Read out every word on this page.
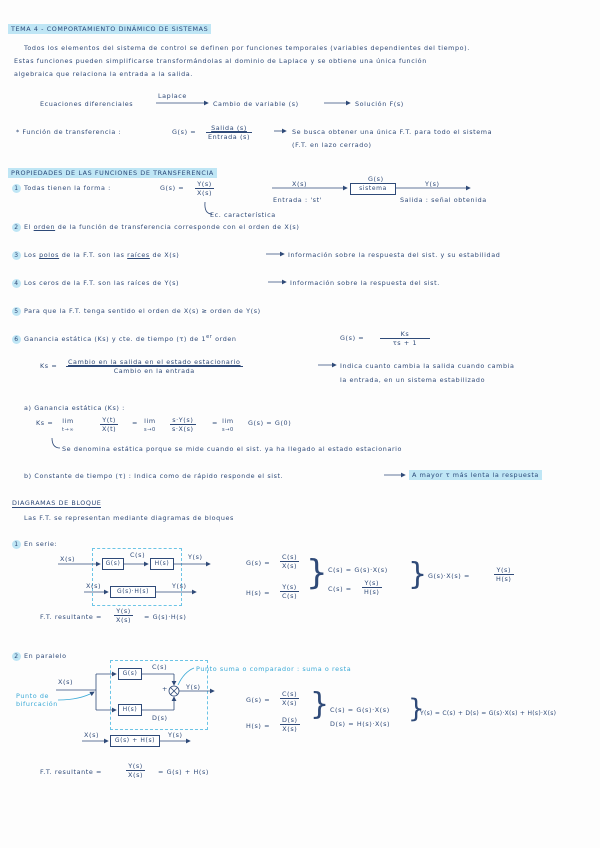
TEMA 4 - COMPORTAMIENTO DINÁMICO DE SISTEMAS
Todos los elementos del sistema de control se definen por funciones temporales (variables dependientes del tiempo).
Estas funciones pueden simplificarse transformándolas al dominio de Laplace y se obtiene una única función
algebraica que relaciona la entrada a la salida.
Ecuaciones diferenciales
Laplace
Cambio de variable (s)	Solución F(s)
* Función de transferencia :	G(s) =	Salida (s)
Entrada (s)
Se busca obtener una única F.T. para todo el sistema
(F.T. en lazo cerrado)
PROPIEDADES DE LAS FUNCIONES DE TRANSFERENCIA
1 Todas tienen la forma :	$G(s) = \frac{Y(s)}{X(s)}$
Ec. característica
X(s)
Entrada : 'st'
G(s)
sistema
Y(s)
Salida : señal obtenida
2 El orden de la función de transferencia corresponde con el orden de X(s)
3 Los polos de la F.T. son las raíces de X(s)	Información sobre la respuesta del sist. y su estabilidad
4 Los ceros de la F.T. son las raíces de Y(s)	Información sobre la respuesta del sist.
5 Para que la F.T. tenga sentido el orden de X(s) ≥ orden de Y(s)
6 Ganancia estática (Ks) y cte. de tiempo (τ) de 1er orden	$G(s) = \frac{Ks}{\tau s + 1}$
Ks =	Cambio en la salida en el estado estacionario
Cambio en la entrada
Indica cuanto cambia la salida cuando cambia
la entrada, en un sistema estabilizado
a) Ganancia estática (Ks) :
Ks = lim
t→∞	$\frac{Y(t)}{X(t)} = \lim$
$s\to 0 \frac{s\cdot Y(s)}{s\cdot X(s)}$	= lim
s→0
G(s) = G(0)
Se denomina estática porque se mide cuando el sist. ya ha llegado al estado estacionario
b) Constante de tiempo (τ) : Indica como de rápido responde el sist.	A mayor τ más lenta la respuesta
DIAGRAMAS DE BLOQUE
Las F.T. se representan mediante diagramas de bloques
1 En serie:
X(s)
G(s)
C(s)
H(s)
Y(s)
X(s)
G(s)·H(s)
Y(s)
$G(s) = \frac{C(s)}{X(s)}$
$H(s) = \frac{Y(s)}{C(s)}$ } C(s) = G(s)·X(s)
$C(s) = \frac{Y(s)}{H(s)}$ } G(s)·X(s) =	$\frac{Y(s)}{H(s)}$
F.T. resultante = $\frac{Y(s)}{X(s)} = G(s)\cdot H(s)$
2 En paralelo
X(s)
G(s)
H(s)
C(s)
D(s)
+	Y(s)
Punto de bifurcación
Punto suma o comparador : suma o resta
X(s)
G(s) + H(s)
Y(s)
$G(s) = \frac{C(s)}{X(s)}$
$H(s) = \frac{D(s)}{X(s)}$
} C(s) = G(s)·X(s)
D(s) = H(s)·X(s) }
Y(s) = C(s) + D(s) = G(s)·X(s) + H(s)·X(s)
F.T. resultante =	$\frac{Y(s)}{X(s)} = G(s) + H(s)$
